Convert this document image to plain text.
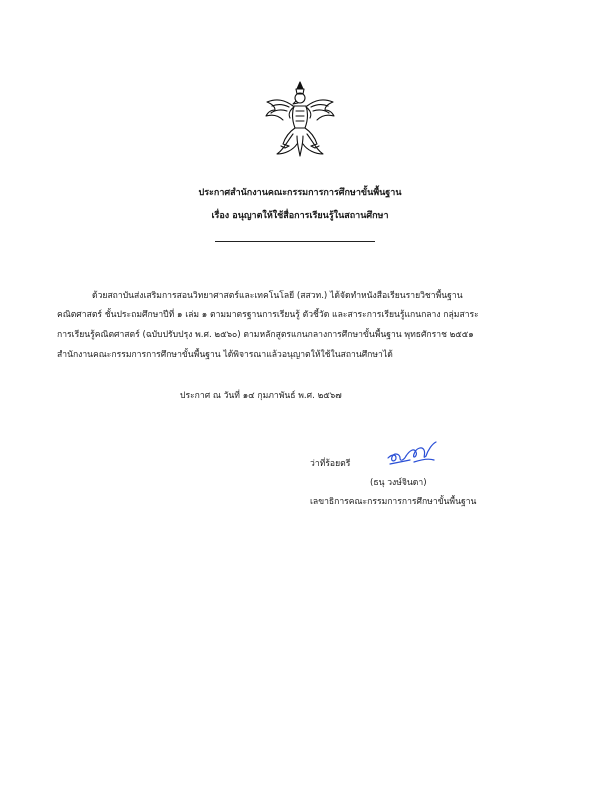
ประกาศสำนักงานคณะกรรมการการศึกษาขั้นพื้นฐาน
เรื่อง อนุญาตให้ใช้สื่อการเรียนรู้ในสถานศึกษา
ด้วยสถาบันส่งเสริมการสอนวิทยาศาสตร์และเทคโนโลยี (สสวท.) ได้จัดทำหนังสือเรียนรายวิชาพื้นฐาน
คณิตศาสตร์ ชั้นประถมศึกษาปีที่ ๑ เล่ม ๑ ตามมาตรฐานการเรียนรู้ ตัวชี้วัด และสาระการเรียนรู้แกนกลาง กลุ่มสาระ
การเรียนรู้คณิตศาสตร์ (ฉบับปรับปรุง พ.ศ. ๒๕๖๐) ตามหลักสูตรแกนกลางการศึกษาขั้นพื้นฐาน พุทธศักราช ๒๕๕๑
สำนักงานคณะกรรมการการศึกษาขั้นพื้นฐาน ได้พิจารณาแล้วอนุญาตให้ใช้ในสถานศึกษาได้
ประกาศ ณ วันที่ ๑๔ กุมภาพันธ์ พ.ศ. ๒๕๖๗
ว่าที่ร้อยตรี
(ธนุ วงษ์จินดา)
เลขาธิการคณะกรรมการการศึกษาขั้นพื้นฐาน
